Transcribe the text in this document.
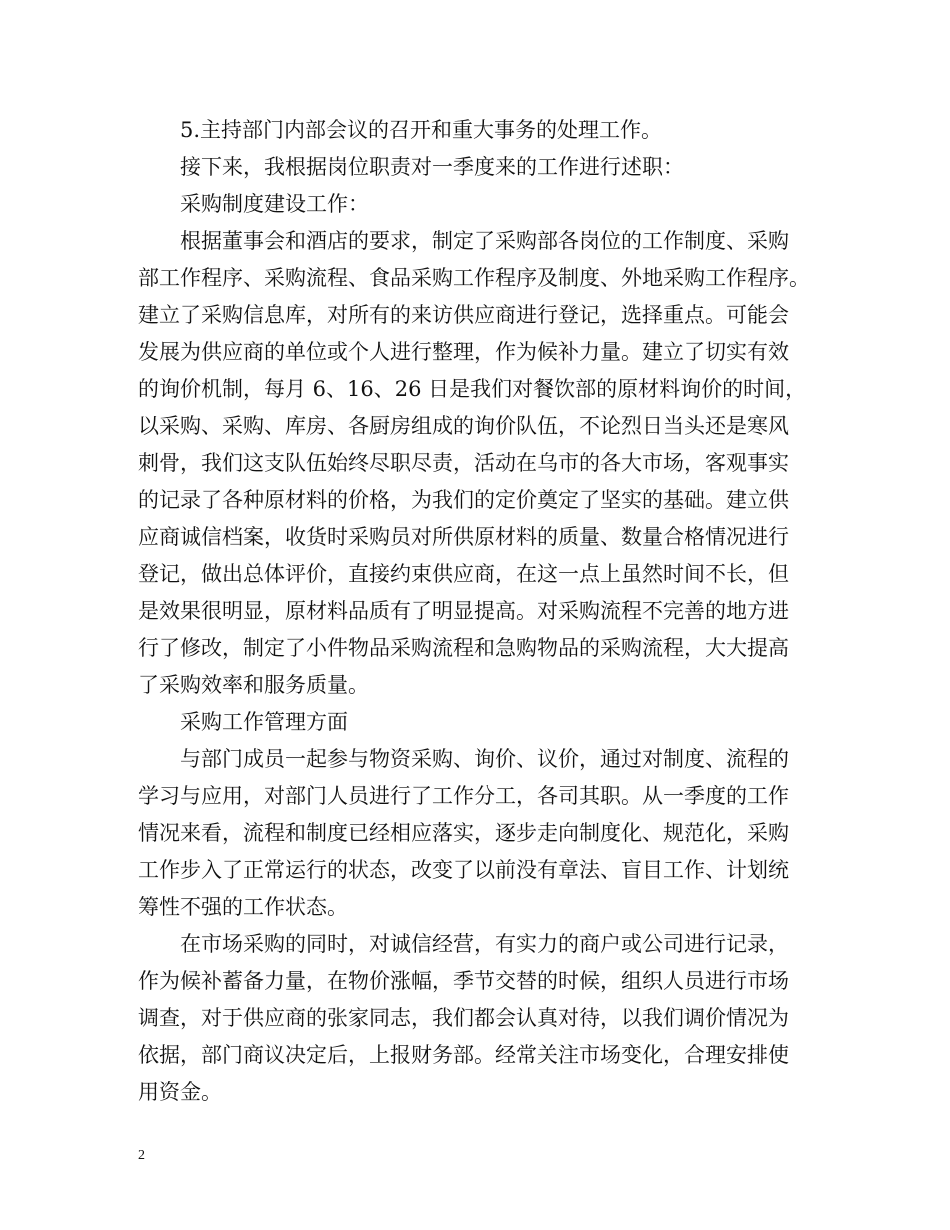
5.主持部门内部会议的召开和重大事务的处理工作。
接下来，我根据岗位职责对一季度来的工作进行述职：
采购制度建设工作：
根据董事会和酒店的要求，制定了采购部各岗位的工作制度、采购
部工作程序、采购流程、食品采购工作程序及制度、外地采购工作程序。
建立了采购信息库，对所有的来访供应商进行登记，选择重点。可能会
发展为供应商的单位或个人进行整理，作为候补力量。建立了切实有效
的询价机制，每月 6、16、26 日是我们对餐饮部的原材料询价的时间，
以采购、采购、库房、各厨房组成的询价队伍，不论烈日当头还是寒风
刺骨，我们这支队伍始终尽职尽责，活动在乌市的各大市场，客观事实
的记录了各种原材料的价格，为我们的定价奠定了坚实的基础。建立供
应商诚信档案，收货时采购员对所供原材料的质量、数量合格情况进行
登记，做出总体评价，直接约束供应商，在这一点上虽然时间不长，但
是效果很明显，原材料品质有了明显提高。对采购流程不完善的地方进
行了修改，制定了小件物品采购流程和急购物品的采购流程，大大提高
了采购效率和服务质量。
采购工作管理方面
与部门成员一起参与物资采购、询价、议价，通过对制度、流程的
学习与应用，对部门人员进行了工作分工，各司其职。从一季度的工作
情况来看，流程和制度已经相应落实，逐步走向制度化、规范化，采购
工作步入了正常运行的状态，改变了以前没有章法、盲目工作、计划统
筹性不强的工作状态。
在市场采购的同时，对诚信经营，有实力的商户或公司进行记录，
作为候补蓄备力量，在物价涨幅，季节交替的时候，组织人员进行市场
调查，对于供应商的张家同志，我们都会认真对待，以我们调价情况为
依据，部门商议决定后，上报财务部。经常关注市场变化，合理安排使
用资金。
2
